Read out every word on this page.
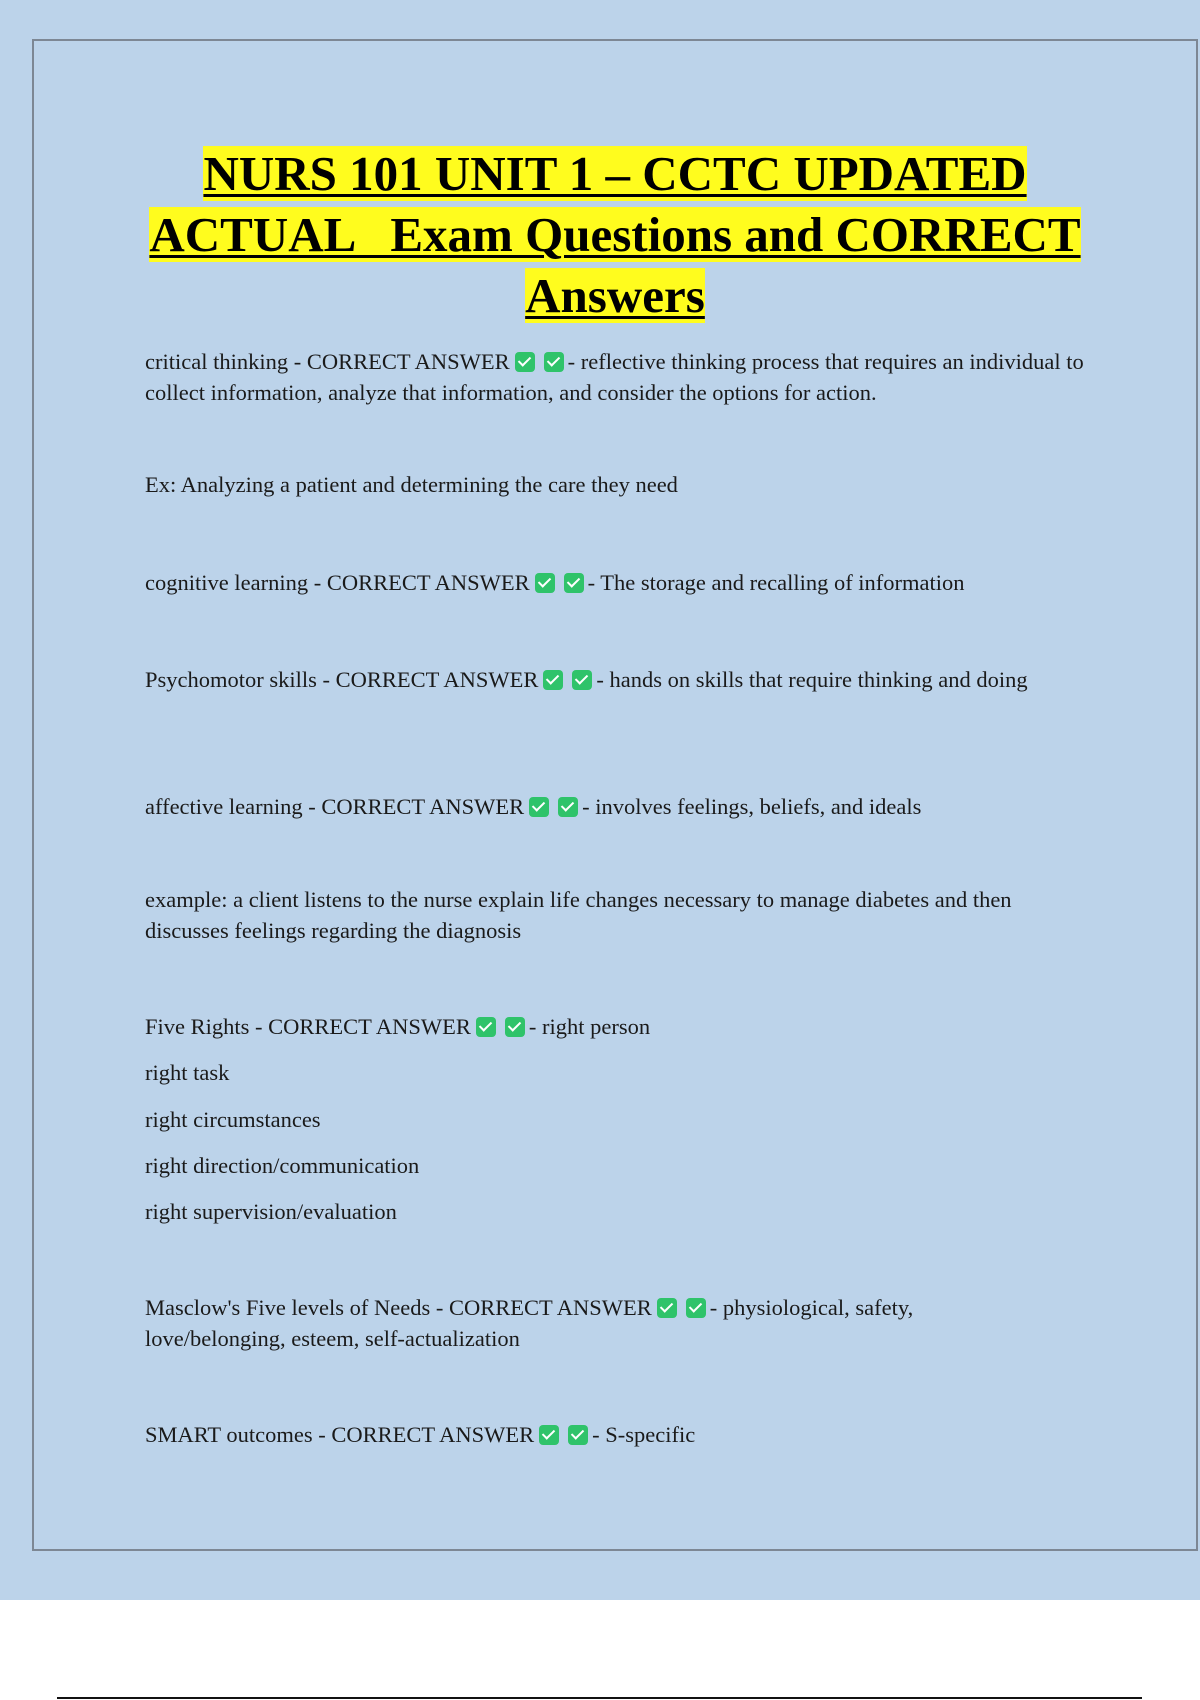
NURS 101 UNIT 1 – CCTC UPDATED
ACTUAL   Exam Questions and CORRECT
Answers
critical thinking - CORRECT ANSWER	- reflective thinking process that requires an individual to collect information, analyze that information, and consider the options for action.
Ex: Analyzing a patient and determining the care they need
cognitive learning - CORRECT ANSWER	- The storage and recalling of information
Psychomotor skills - CORRECT ANSWER	- hands on skills that require thinking and doing
affective learning - CORRECT ANSWER	- involves feelings, beliefs, and ideals
example: a client listens to the nurse explain life changes necessary to manage diabetes and then discusses feelings regarding the diagnosis
Five Rights - CORRECT ANSWER	- right person
right task
right circumstances
right direction/communication
right supervision/evaluation
Masclow's Five levels of Needs - CORRECT ANSWER	- physiological, safety, love/belonging, esteem, self-actualization
SMART outcomes - CORRECT ANSWER	- S-specific
